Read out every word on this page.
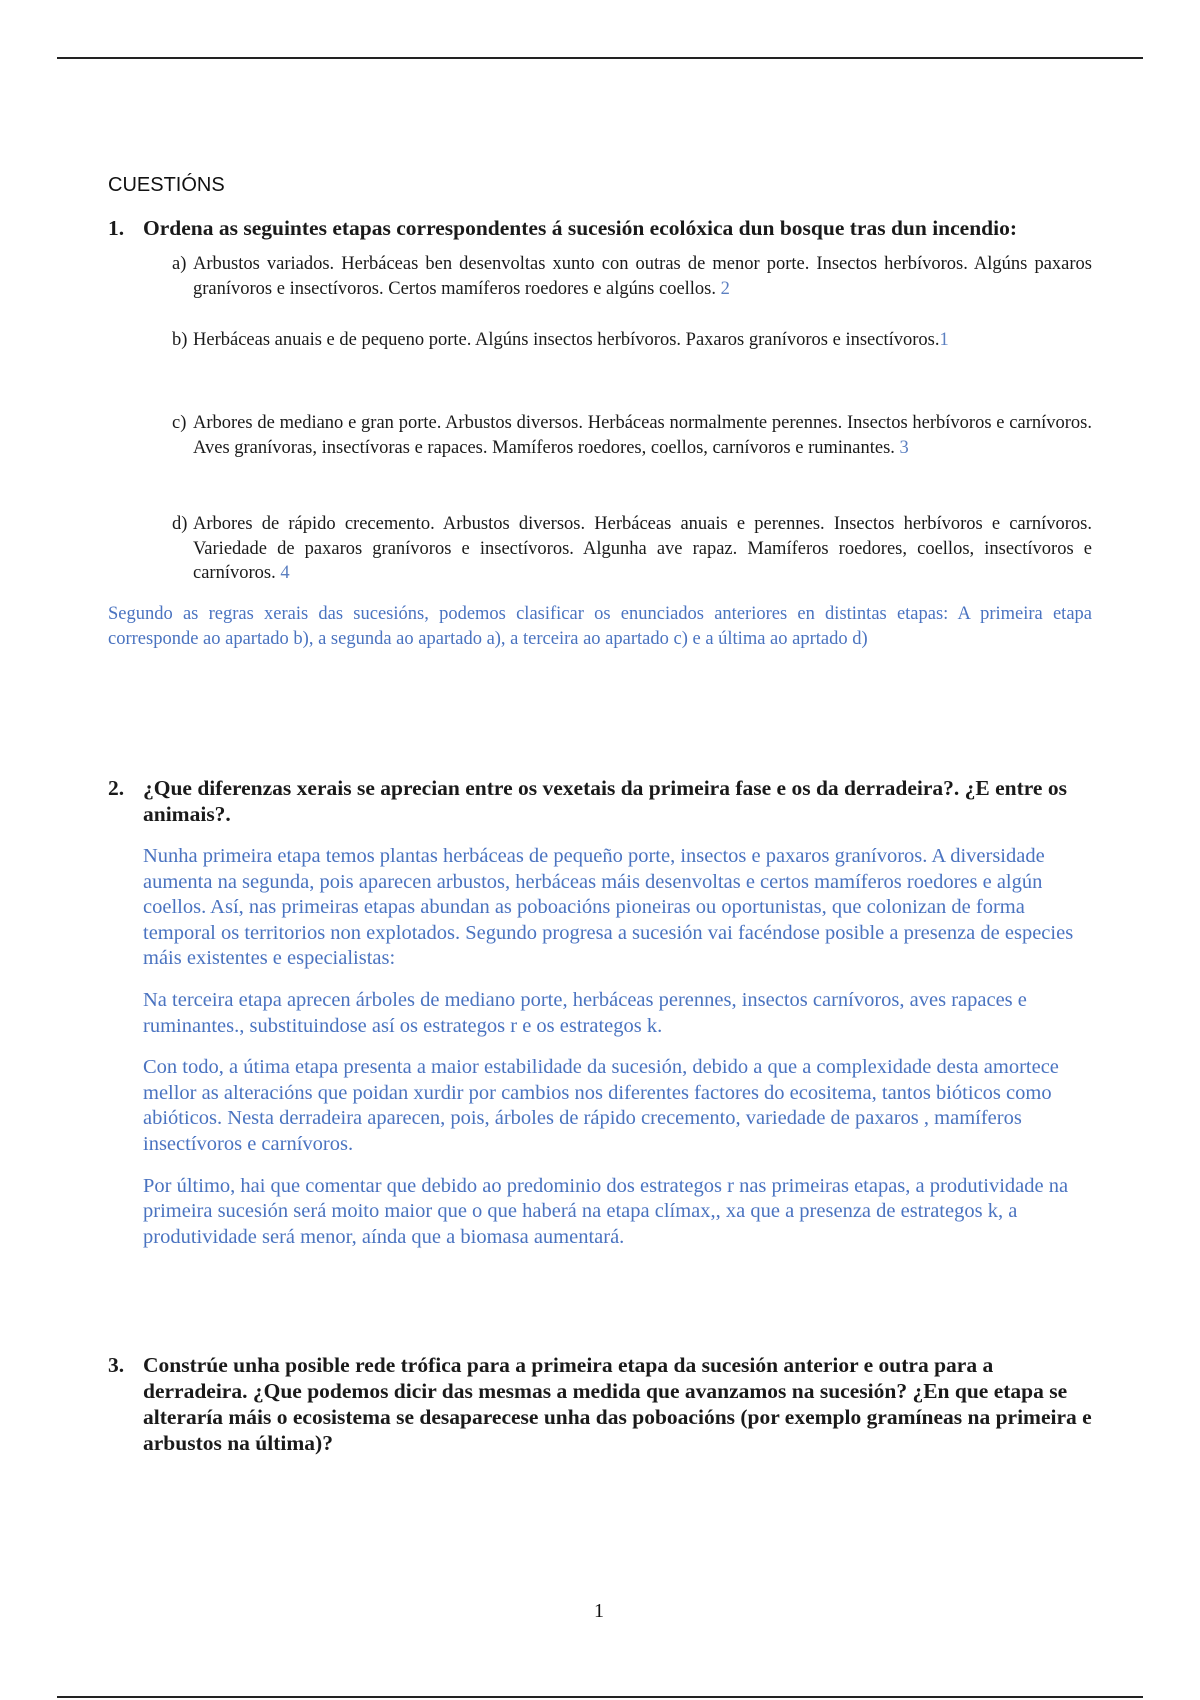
CUESTIÓNS
1. Ordena as seguintes etapas correspondentes á sucesión ecolóxica dun bosque tras dun incendio:
a) Arbustos variados. Herbáceas ben desenvoltas xunto con outras de menor porte. Insectos herbívoros. Algúns paxaros granívoros e insectívoros. Certos mamíferos roedores e algúns coellos. 2
b) Herbáceas anuais e de pequeno porte. Algúns insectos herbívoros. Paxaros granívoros e insectívoros.1
c) Arbores de mediano e gran porte. Arbustos diversos. Herbáceas normalmente perennes. Insectos herbívoros e carnívoros. Aves granívoras, insectívoras e rapaces. Mamíferos roedores, coellos, carnívoros e ruminantes. 3
d) Arbores de rápido crecemento. Arbustos diversos. Herbáceas anuais e perennes. Insectos herbívoros e carnívoros. Variedade de paxaros granívoros e insectívoros. Algunha ave rapaz. Mamíferos roedores, coellos, insectívoros e carnívoros. 4
Segundo as regras xerais das sucesións, podemos clasificar os enunciados anteriores en distintas etapas: A primeira etapa corresponde ao apartado b), a segunda ao apartado a), a terceira ao apartado c) e a última ao aprtado d)
2. ¿Que diferenzas xerais se aprecian entre os vexetais da primeira fase e os da derradeira?. ¿E entre os animais?.

Nunha primeira etapa temos plantas herbáceas de pequeño porte, insectos e paxaros granívoros. A diversidade aumenta na segunda, pois aparecen arbustos, herbáceas máis desenvoltas e certos mamíferos roedores e algún coellos. Así, nas primeiras etapas abundan as poboacións pioneiras ou oportunistas, que colonizan de forma temporal os territorios non explotados. Segundo progresa a sucesión vai facéndose posible a presenza de especies máis existentes e especialistas:

Na terceira etapa aprecen árboles de mediano porte, herbáceas perennes, insectos carnívoros, aves rapaces e ruminantes., substituindose así os estrategos r e os estrategos k.

Con todo, a útima etapa presenta a maior estabilidade da sucesión, debido a que a complexidade desta amortece mellor as alteracións que poidan xurdir por cambios nos diferentes factores do ecositema, tantos bióticos como abióticos. Nesta derradeira aparecen, pois, árboles de rápido crecemento, variedade de paxaros , mamíferos insectívoros e carnívoros.

Por último, hai que comentar que debido ao predominio dos estrategos r nas primeiras etapas, a produtividade na primeira sucesión será moito maior que o que haberá na etapa clímax,, xa que a presenza de estrategos k, a produtividade será menor, aínda que a biomasa aumentará.

3. Constrúe unha posible rede trófica para a primeira etapa da sucesión anterior e outra para a derradeira. ¿Que podemos dicir das mesmas a medida que avanzamos na sucesión? ¿En que etapa se alteraría máis o ecosistema se desaparecese unha das poboacións (por exemplo gramíneas na primeira e arbustos na última)?
1
